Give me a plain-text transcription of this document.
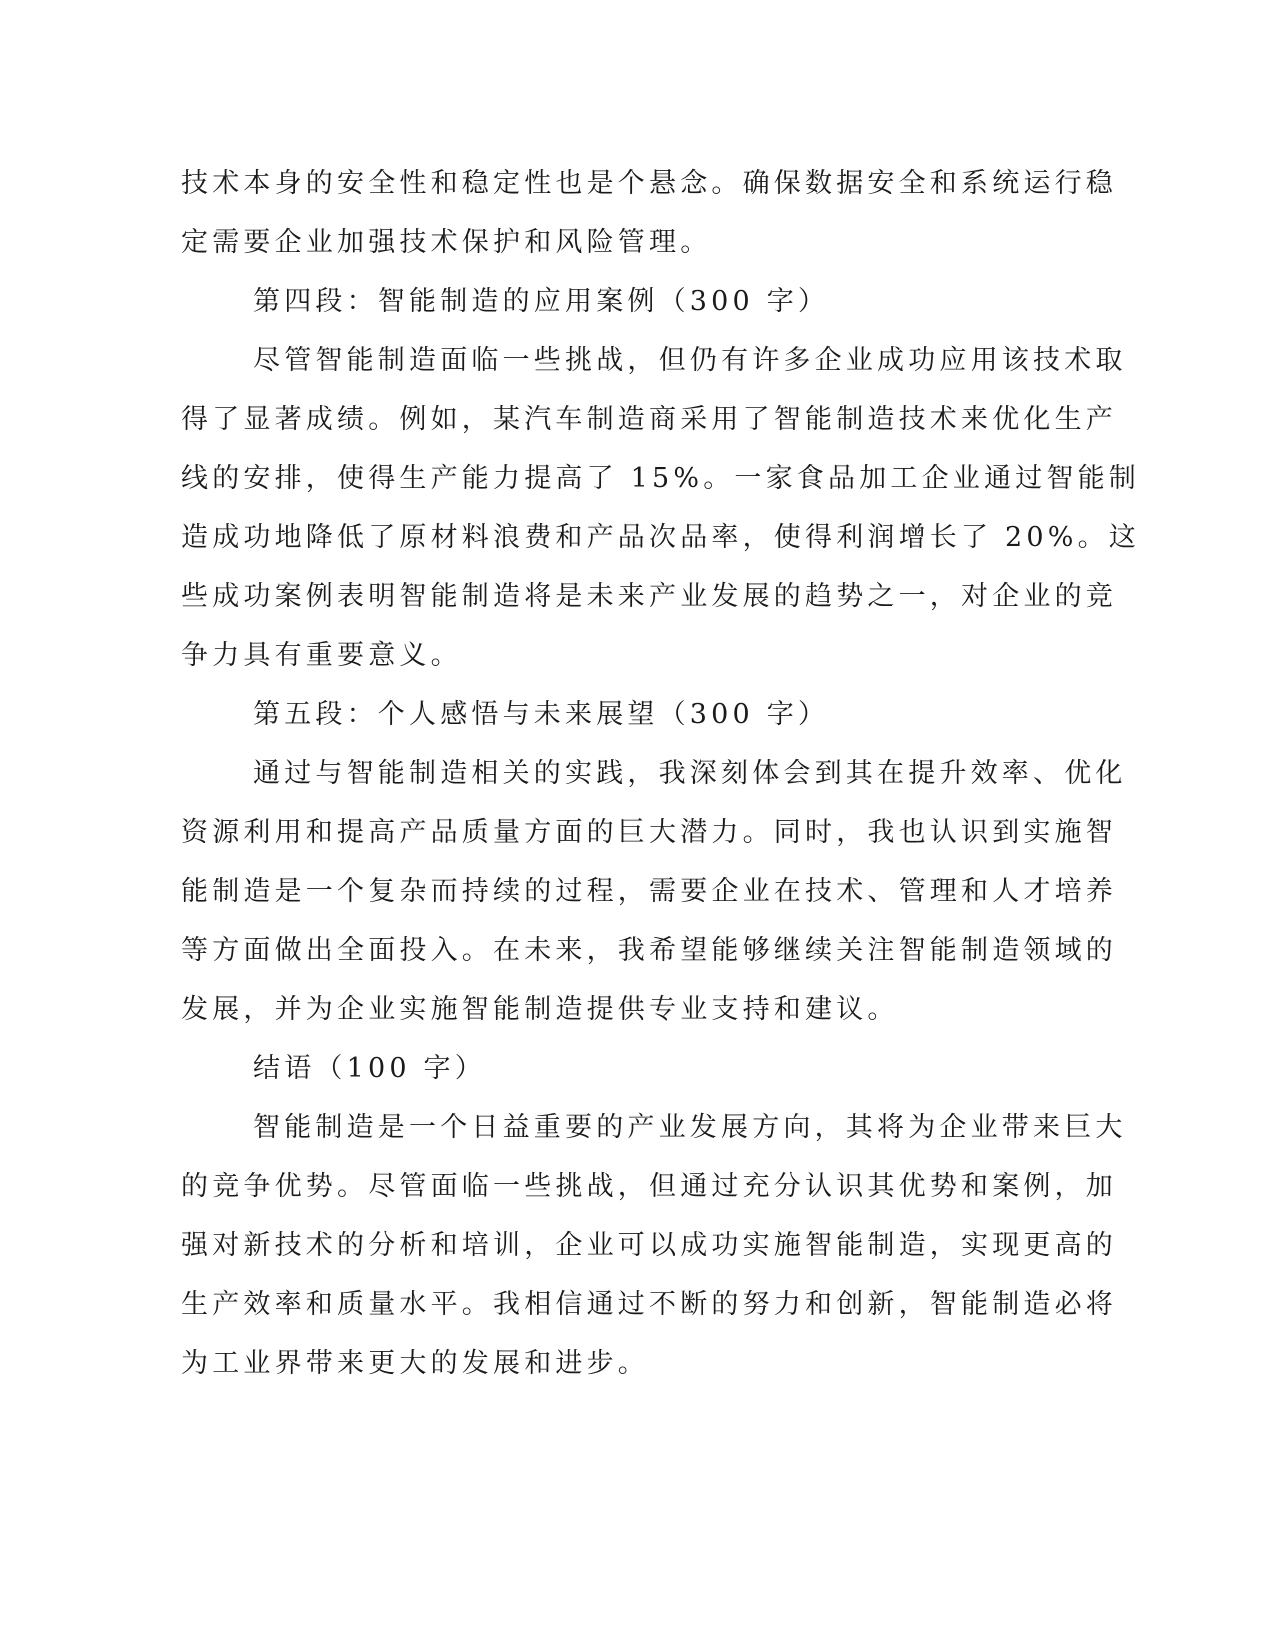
技术本身的安全性和稳定性也是个悬念。确保数据安全和系统运行稳
定需要企业加强技术保护和风险管理。

第四段：智能制造的应用案例（300 字）

尽管智能制造面临一些挑战，但仍有许多企业成功应用该技术取
得了显著成绩。例如，某汽车制造商采用了智能制造技术来优化生产
线的安排，使得生产能力提高了 15%。一家食品加工企业通过智能制
造成功地降低了原材料浪费和产品次品率，使得利润增长了 20%。这
些成功案例表明智能制造将是未来产业发展的趋势之一，对企业的竞
争力具有重要意义。

第五段：个人感悟与未来展望（300 字）

通过与智能制造相关的实践，我深刻体会到其在提升效率、优化
资源利用和提高产品质量方面的巨大潜力。同时，我也认识到实施智
能制造是一个复杂而持续的过程，需要企业在技术、管理和人才培养
等方面做出全面投入。在未来，我希望能够继续关注智能制造领域的
发展，并为企业实施智能制造提供专业支持和建议。

结语（100 字）

智能制造是一个日益重要的产业发展方向，其将为企业带来巨大
的竞争优势。尽管面临一些挑战，但通过充分认识其优势和案例，加
强对新技术的分析和培训，企业可以成功实施智能制造，实现更高的
生产效率和质量水平。我相信通过不断的努力和创新，智能制造必将
为工业界带来更大的发展和进步。
